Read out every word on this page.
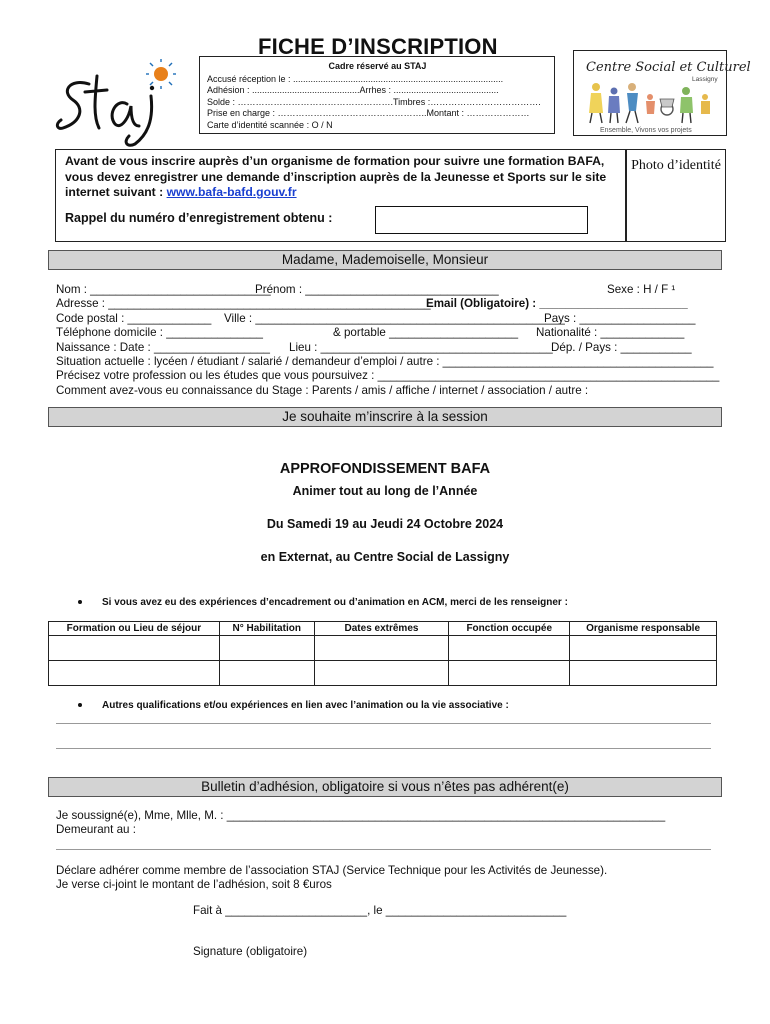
FICHE D’INSCRIPTION
Staj
Cadre réservé au STAJ
Accusé réception le : ....................................................................................
Adhésion : ...........................................Arrhes : ..........................................
Solde : …………………………………………….Timbres :……………………………….
Prise en charge : …………………………………………..Montant : …………………
Carte d’identité scannée : O / N
Centre Social et Culturel
Lassigny
Ensemble, Vivons vos projets
Avant de vous inscrire auprès d’un organisme de formation pour suivre une formation BAFA, vous devez enregistrer une demande d’inscription auprès de la Jeunesse et Sports sur le site internet suivant : www.bafa-bafd.gouv.fr
Rappel du numéro d’enregistrement obtenu :
Photo d’identité
Madame, Mademoiselle, Monsieur
Nom : ____________________________
Prénom : ______________________________	Sexe : H / F ¹
Adresse : __________________________________________________
Email (Obligatoire) : _______________________
Code postal : _____________ Ville : ________________________________________________
Pays : __________________
Téléphone domicile : _______________	& portable ____________________ Nationalité : _____________
Naissance : Date : __________________ Lieu : ____________________________________
Dép. / Pays : ___________
Situation actuelle : lycéen / étudiant / salarié / demandeur d’emploi / autre : __________________________________________
Précisez votre profession ou les études que vous poursuivez : _____________________________________________________
Comment avez-vous eu connaissance du Stage : Parents / amis / affiche / internet / association / autre :
Je souhaite m’inscrire à la session
APPROFONDISSEMENT BAFA
Animer tout au long de l’Année
Du Samedi 19 au Jeudi 24 Octobre 2024
en Externat, au Centre Social de Lassigny
Si vous avez eu des expériences d’encadrement ou d’animation en ACM, merci de les renseigner :
Formation ou Lieu de séjour	N° Habilitation	Dates extrêmes	Fonction occupée	Organisme responsable

Autres qualifications et/ou expériences en lien avec l’animation ou la vie associative :
Bulletin d’adhésion, obligatoire si vous n’êtes pas adhérent(e)
Je soussigné(e), Mme, Mlle, M. : ____________________________________________________________________
Demeurant au :
Déclare adhérer comme membre de l’association STAJ (Service Technique pour les Activités de Jeunesse).
Je verse ci-joint le montant de l’adhésion, soit 8 €uros
Fait à ______________________, le ____________________________
Signature (obligatoire)
